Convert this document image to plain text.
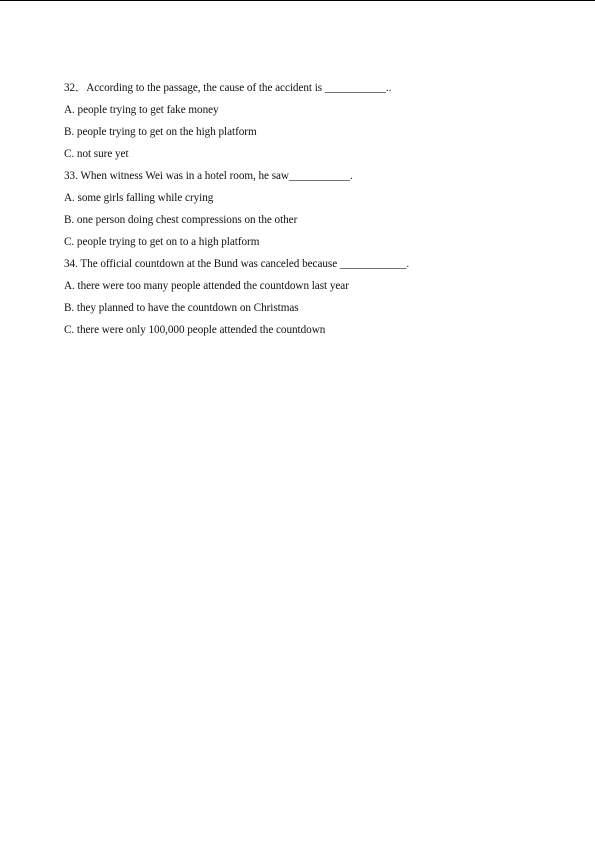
32．According to the passage, the cause of the accident is ___________..
A. people trying to get fake money
B. people trying to get on the high platform
C. not sure yet
33. When witness Wei was in a hotel room, he saw___________.
A. some girls falling while crying
B. one person doing chest compressions on the other
C. people trying to get on to a high platform
34. The official countdown at the Bund was canceled because ____________.
A. there were too many people attended the countdown last year
B. they planned to have the countdown on Christmas
C. there were only 100,000 people attended the countdown
